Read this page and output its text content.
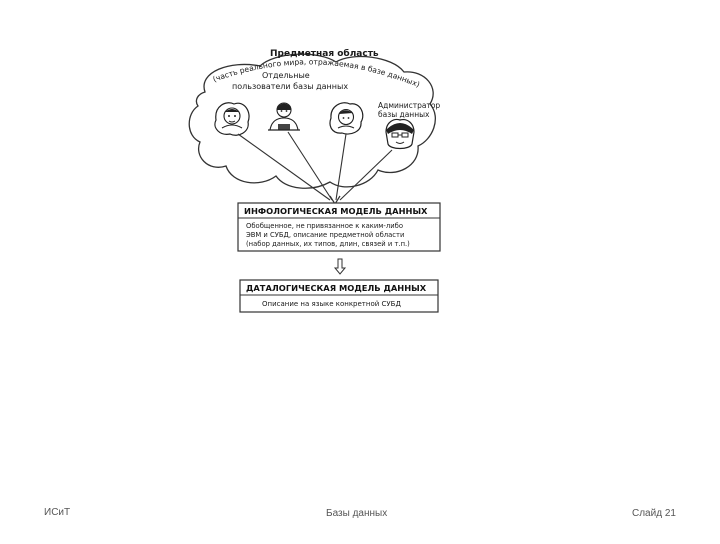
Предметная область
(часть реального мира, отражаемая в базе данных)
Отдельные
пользователи базы данных
Администратор
базы данных
ИНФОЛОГИЧЕСКАЯ МОДЕЛЬ ДАННЫХ
Обобщенное, не привязанное к каким-либо
ЭВМ и СУБД, описание предметной области
(набор данных, их типов, длин, связей и т.п.)
ДАТАЛОГИЧЕСКАЯ МОДЕЛЬ ДАННЫХ
Описание на языке конкретной СУБД
ИСиТ	Базы данных	Слайд 21
